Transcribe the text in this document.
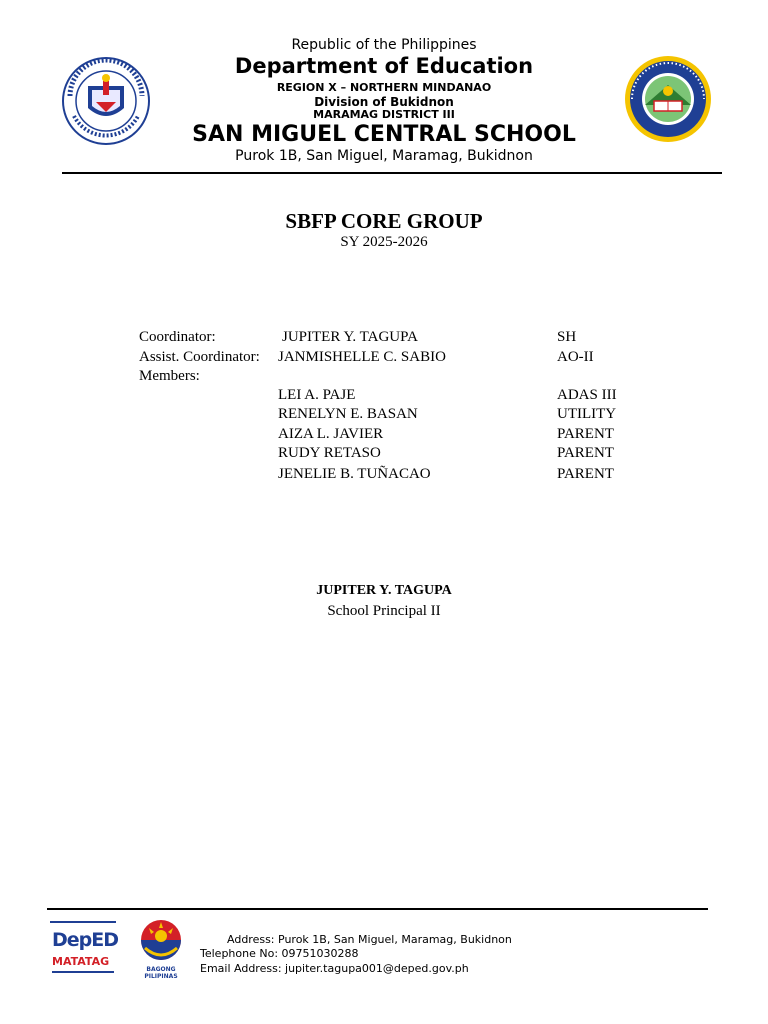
Republic of the Philippines
Department of Education
REGION X – NORTHERN MINDANAO
Division of Bukidnon
MARAMAG DISTRICT III
SAN MIGUEL CENTRAL SCHOOL
Purok 1B, San Miguel, Maramag, Bukidnon
SBFP CORE GROUP
SY 2025-2026
Coordinator:	JUPITER Y. TAGUPA	SH
Assist. Coordinator: JANMISHELLE C. SABIO	AO-II
Members:
LEI A. PAJE	ADAS III
RENELYN E. BASAN	UTILITY
AIZA L. JAVIER	PARENT
RUDY RETASO	PARENT
JENELIE B. TUÑACAO	PARENT
JUPITER Y. TAGUPA
School Principal II
DepED
MATATAG
BAGONG PILIPINAS
Address: Purok 1B, San Miguel, Maramag, Bukidnon
Telephone No: 09751030288
Email Address: jupiter.tagupa001@deped.gov.ph
